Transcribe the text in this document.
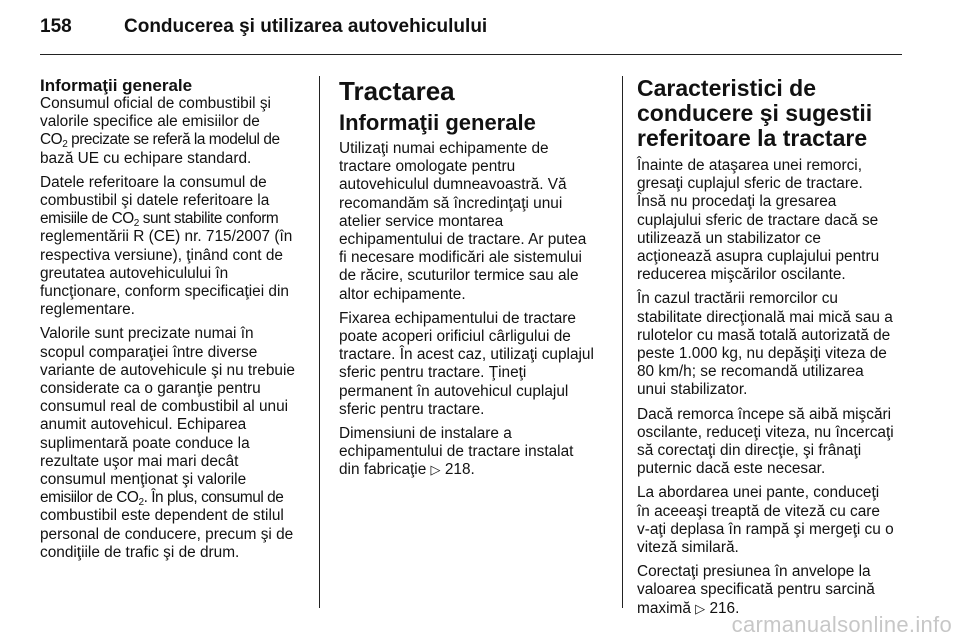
158	Conducerea şi utilizarea autovehiculului
Informaţii generale

Consumul oficial de combustibil şi
valorile specifice ale emisiilor de
$CO_2$ precizate se referă la modelul de
bază UE cu echipare standard.

Datele referitoare la consumul de
combustibil şi datele referitoare la
emisiile de $CO_2$ sunt stabilite conform
reglementării R (CE) nr. 715/2007 (în
respectiva versiune), ţinând cont de
greutatea autovehiculului în
funcţionare, conform specificaţiei din
reglementare.

Valorile sunt precizate numai în
scopul comparaţiei între diverse
variante de autovehicule şi nu trebuie
considerate ca o garanţie pentru
consumul real de combustibil al unui
anumit autovehicul. Echiparea
suplimentară poate conduce la
rezultate uşor mai mari decât
consumul menţionat şi valorile
emisiilor de $CO_2$. În plus, consumul de
combustibil este dependent de stilul
personal de conducere, precum şi de
condiţiile de trafic şi de drum.

Tractarea
Informaţii generale

Utilizaţi numai echipamente de
tractare omologate pentru
autovehiculul dumneavoastră. Vă
recomandăm să încredinţaţi unui
atelier service montarea
echipamentului de tractare. Ar putea
fi necesare modificări ale sistemului
de răcire, scuturilor termice sau ale
altor echipamente.

Fixarea echipamentului de tractare
poate acoperi orificiul cârligului de
tractare. În acest caz, utilizaţi cuplajul
sferic pentru tractare. Ţineţi
permanent în autovehicul cuplajul
sferic pentru tractare.

Dimensiuni de instalare a
echipamentului de tractare instalat
din fabricaţie ▷ 218.

Caracteristici de
conducere şi sugestii
referitoare la tractare

Înainte de ataşarea unei remorci,
gresaţi cuplajul sferic de tractare.
Însă nu procedaţi la gresarea
cuplajului sferic de tractare dacă se
utilizează un stabilizator ce
acţionează asupra cuplajului pentru
reducerea mişcărilor oscilante.

În cazul tractării remorcilor cu
stabilitate direcţională mai mică sau a
rulotelor cu masă totală autorizată de
peste 1.000 kg, nu depăşiţi viteza de
80 km/h; se recomandă utilizarea
unui stabilizator.

Dacă remorca începe să aibă mişcări
oscilante, reduceţi viteza, nu încercaţi
să corectaţi din direcţie, şi frânaţi
puternic dacă este necesar.

La abordarea unei pante, conduceţi
în aceeaşi treaptă de viteză cu care
v-aţi deplasa în rampă şi mergeţi cu o
viteză similară.

Corectaţi presiunea în anvelope la
valoarea specificată pentru sarcină
maximă ▷ 216.

carmanualsonline.info
